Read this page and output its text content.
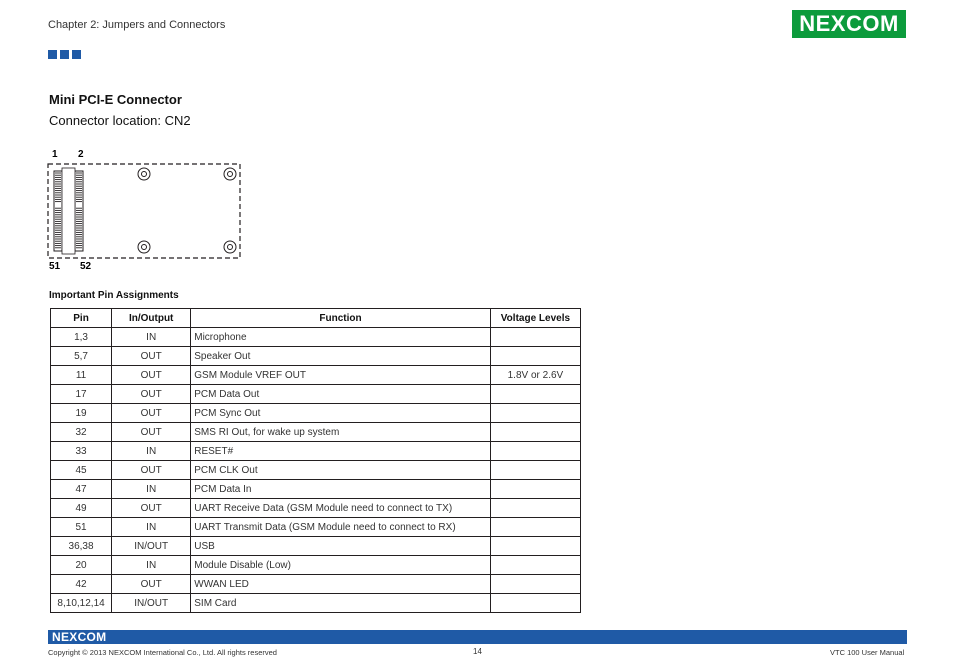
Chapter 2: Jumpers and Connectors	NEXCOM
Mini PCI-E Connector
Connector location: CN2
1 2
51 52
Important Pin Assignments
Pin	In/Output	Function	Voltage Levels
1,3	IN	Microphone	
5,7	OUT	Speaker Out	
11	OUT	GSM Module VREF OUT	1.8V or 2.6V
17	OUT	PCM Data Out	
19	OUT	PCM Sync Out	
32	OUT	SMS RI Out, for wake up system	
33	IN	RESET#	
45	OUT	PCM CLK Out	
47	IN	PCM Data In	
49	OUT	UART Receive Data (GSM Module need to connect to TX)	
51	IN	UART Transmit Data (GSM Module need to connect to RX)	
36,38	IN/OUT	USB	
20	IN	Module Disable (Low)	
42	OUT	WWAN LED	
8,10,12,14	IN/OUT	SIM Card	
NEXCOM
Copyright © 2013 NEXCOM International Co., Ltd. All rights reserved	14	VTC 100 User Manual
